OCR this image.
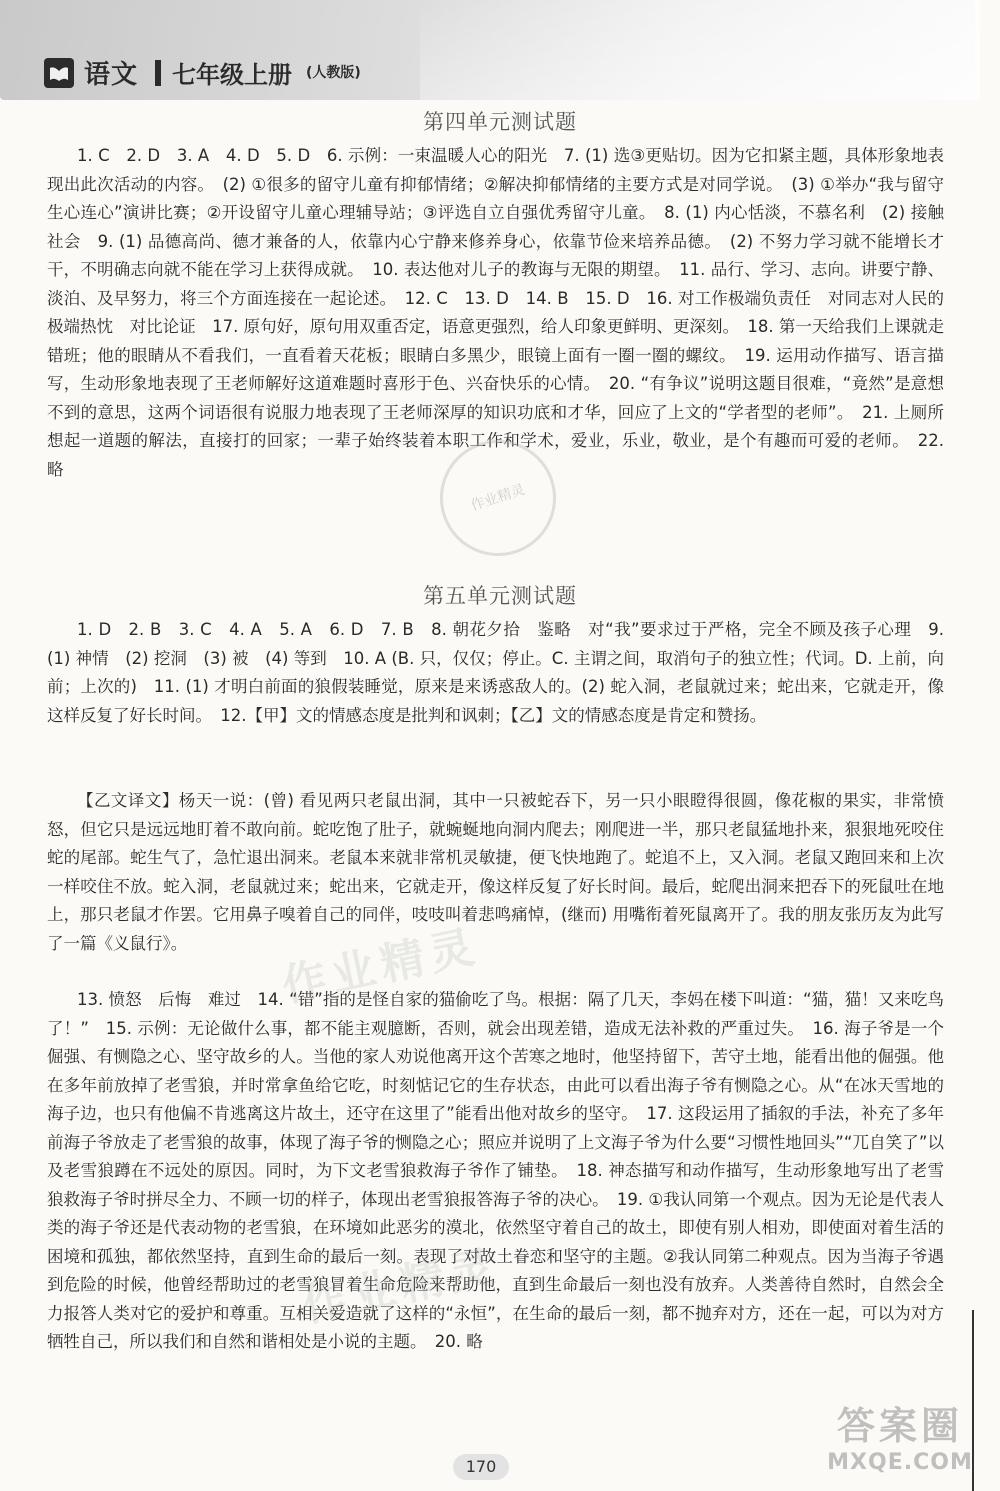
语文 七年级上册 (人教版)
第四单元测试题

1. C　2. D　3. A　4. D　5. D　6. 示例：一束温暖人心的阳光　7. (1) 选③更贴切。因为它扣紧主题，具体形象地表现出此次活动的内容。　(2) ①很多的留守儿童有抑郁情绪；②解决抑郁情绪的主要方式是对同学说。　(3) ①举办“我与留守生心连心”演讲比赛；②开设留守儿童心理辅导站；③评选自立自强优秀留守儿童。　8. (1) 内心恬淡，不慕名利　(2) 接触社会　9. (1) 品德高尚、德才兼备的人，依靠内心宁静来修养身心，依靠节俭来培养品德。　(2) 不努力学习就不能增长才干，不明确志向就不能在学习上获得成就。　10. 表达他对儿子的教诲与无限的期望。　11. 品行、学习、志向。讲要宁静、淡泊、及早努力，将三个方面连接在一起论述。　12. C　13. D　14. B　15. D　16. 对工作极端负责任　对同志对人民的极端热忱　对比论证　17. 原句好，原句用双重否定，语意更强烈，给人印象更鲜明、更深刻。　18. 第一天给我们上课就走错班；他的眼睛从不看我们，一直看着天花板；眼睛白多黑少，眼镜上面有一圈一圈的螺纹。　19. 运用动作描写、语言描写，生动形象地表现了王老师解好这道难题时喜形于色、兴奋快乐的心情。　20. “有争议”说明这题目很难，“竟然”是意想不到的意思，这两个词语很有说服力地表现了王老师深厚的知识功底和才华，回应了上文的“学者型的老师”。　21. 上厕所想起一道题的解法，直接打的回家；一辈子始终装着本职工作和学术，爱业，乐业，敬业，是个有趣而可爱的老师。　22. 略

第五单元测试题

1. D　2. B　3. C　4. A　5. A　6. D　7. B　8. 朝花夕拾　鉴略　对“我”要求过于严格，完全不顾及孩子心理　9. (1) 神情　(2) 挖洞　(3) 被　(4) 等到　10. A (B. 只，仅仅；停止。C. 主谓之间，取消句子的独立性；代词。D. 上前，向前；上次的)　11. (1) 才明白前面的狼假装睡觉，原来是来诱惑敌人的。(2) 蛇入洞，老鼠就过来；蛇出来，它就走开，像这样反复了好长时间。　12.【甲】文的情感态度是批判和讽刺；【乙】文的情感态度是肯定和赞扬。

【乙文译文】杨天一说：(曾) 看见两只老鼠出洞，其中一只被蛇吞下，另一只小眼瞪得很圆，像花椒的果实，非常愤怒，但它只是远远地盯着不敢向前。蛇吃饱了肚子，就蜿蜒地向洞内爬去；刚爬进一半，那只老鼠猛地扑来，狠狠地死咬住蛇的尾部。蛇生气了，急忙退出洞来。老鼠本来就非常机灵敏捷，便飞快地跑了。蛇追不上，又入洞。老鼠又跑回来和上次一样咬住不放。蛇入洞，老鼠就过来；蛇出来，它就走开，像这样反复了好长时间。最后，蛇爬出洞来把吞下的死鼠吐在地上，那只老鼠才作罢。它用鼻子嗅着自己的同伴，吱吱叫着悲鸣痛悼，(继而) 用嘴衔着死鼠离开了。我的朋友张历友为此写了一篇《义鼠行》。

13. 愤怒　后悔　难过　14. “错”指的是怪自家的猫偷吃了鸟。根据：隔了几天，李妈在楼下叫道：“猫，猫！又来吃鸟了！”　15. 示例：无论做什么事，都不能主观臆断，否则，就会出现差错，造成无法补救的严重过失。　16. 海子爷是一个倔强、有恻隐之心、坚守故乡的人。当他的家人劝说他离开这个苦寒之地时，他坚持留下，苦守土地，能看出他的倔强。他在多年前放掉了老雪狼，并时常拿鱼给它吃，时刻惦记它的生存状态，由此可以看出海子爷有恻隐之心。从“在冰天雪地的海子边，也只有他偏不肯逃离这片故土，还守在这里了”能看出他对故乡的坚守。　17. 这段运用了插叙的手法，补充了多年前海子爷放走了老雪狼的故事，体现了海子爷的恻隐之心；照应并说明了上文海子爷为什么要“习惯性地回头”“兀自笑了”以及老雪狼蹲在不远处的原因。同时，为下文老雪狼救海子爷作了铺垫。　18. 神态描写和动作描写，生动形象地写出了老雪狼救海子爷时拼尽全力、不顾一切的样子，体现出老雪狼报答海子爷的决心。　19. ①我认同第一个观点。因为无论是代表人类的海子爷还是代表动物的老雪狼，在环境如此恶劣的漠北，依然坚守着自己的故土，即使有别人相劝，即使面对着生活的困境和孤独，都依然坚持，直到生命的最后一刻。表现了对故土眷恋和坚守的主题。②我认同第二种观点。因为当海子爷遇到危险的时候，他曾经帮助过的老雪狼冒着生命危险来帮助他，直到生命最后一刻也没有放弃。人类善待自然时，自然会全力报答人类对它的爱护和尊重。互相关爱造就了这样的“永恒”，在生命的最后一刻，都不抛弃对方，还在一起，可以为对方牺牲自己，所以我们和自然和谐相处是小说的主题。　20. 略

作业精灵
作业精灵
作业精灵
答案圈
MXQE.COM
170
